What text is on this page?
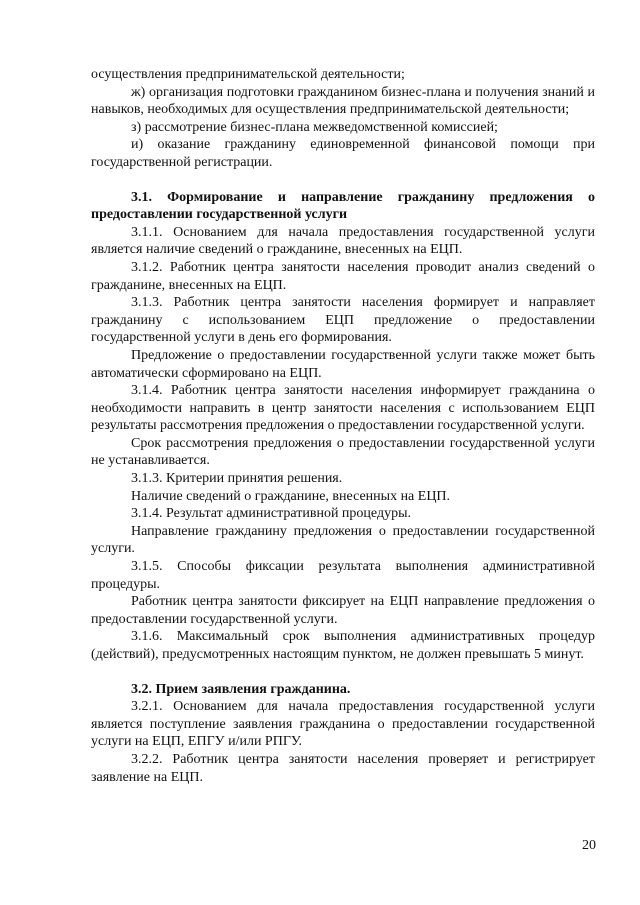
осуществления предпринимательской деятельности;

ж) организация подготовки гражданином бизнес-плана и получения знаний и навыков, необходимых для осуществления предпринимательской деятельности;

з) рассмотрение бизнес-плана межведомственной комиссией;

и) оказание гражданину единовременной финансовой помощи при государственной регистрации.

3.1. Формирование и направление гражданину предложения о предоставлении государственной услуги

3.1.1. Основанием для начала предоставления государственной услуги является наличие сведений о гражданине, внесенных на ЕЦП.

3.1.2. Работник центра занятости населения проводит анализ сведений о гражданине, внесенных на ЕЦП.

3.1.3. Работник центра занятости населения формирует и направляет гражданину с использованием ЕЦП предложение о предоставлении государственной услуги в день его формирования.

Предложение о предоставлении государственной услуги также может быть автоматически сформировано на ЕЦП.

3.1.4. Работник центра занятости населения информирует гражданина о необходимости направить в центр занятости населения с использованием ЕЦП результаты рассмотрения предложения о предоставлении государственной услуги.

Срок рассмотрения предложения о предоставлении государственной услуги не устанавливается.

3.1.3. Критерии принятия решения.

Наличие сведений о гражданине, внесенных на ЕЦП.

3.1.4. Результат административной процедуры.

Направление гражданину предложения о предоставлении государственной услуги.

3.1.5. Способы фиксации результата выполнения административной процедуры.

Работник центра занятости фиксирует на ЕЦП направление предложения о предоставлении государственной услуги.

3.1.6. Максимальный срок выполнения административных процедур (действий), предусмотренных настоящим пунктом, не должен превышать 5 минут.

3.2. Прием заявления гражданина.

3.2.1. Основанием для начала предоставления государственной услуги является поступление заявления гражданина о предоставлении государственной услуги на ЕЦП, ЕПГУ и/или РПГУ.

3.2.2. Работник центра занятости населения проверяет и регистрирует заявление на ЕЦП.

20
